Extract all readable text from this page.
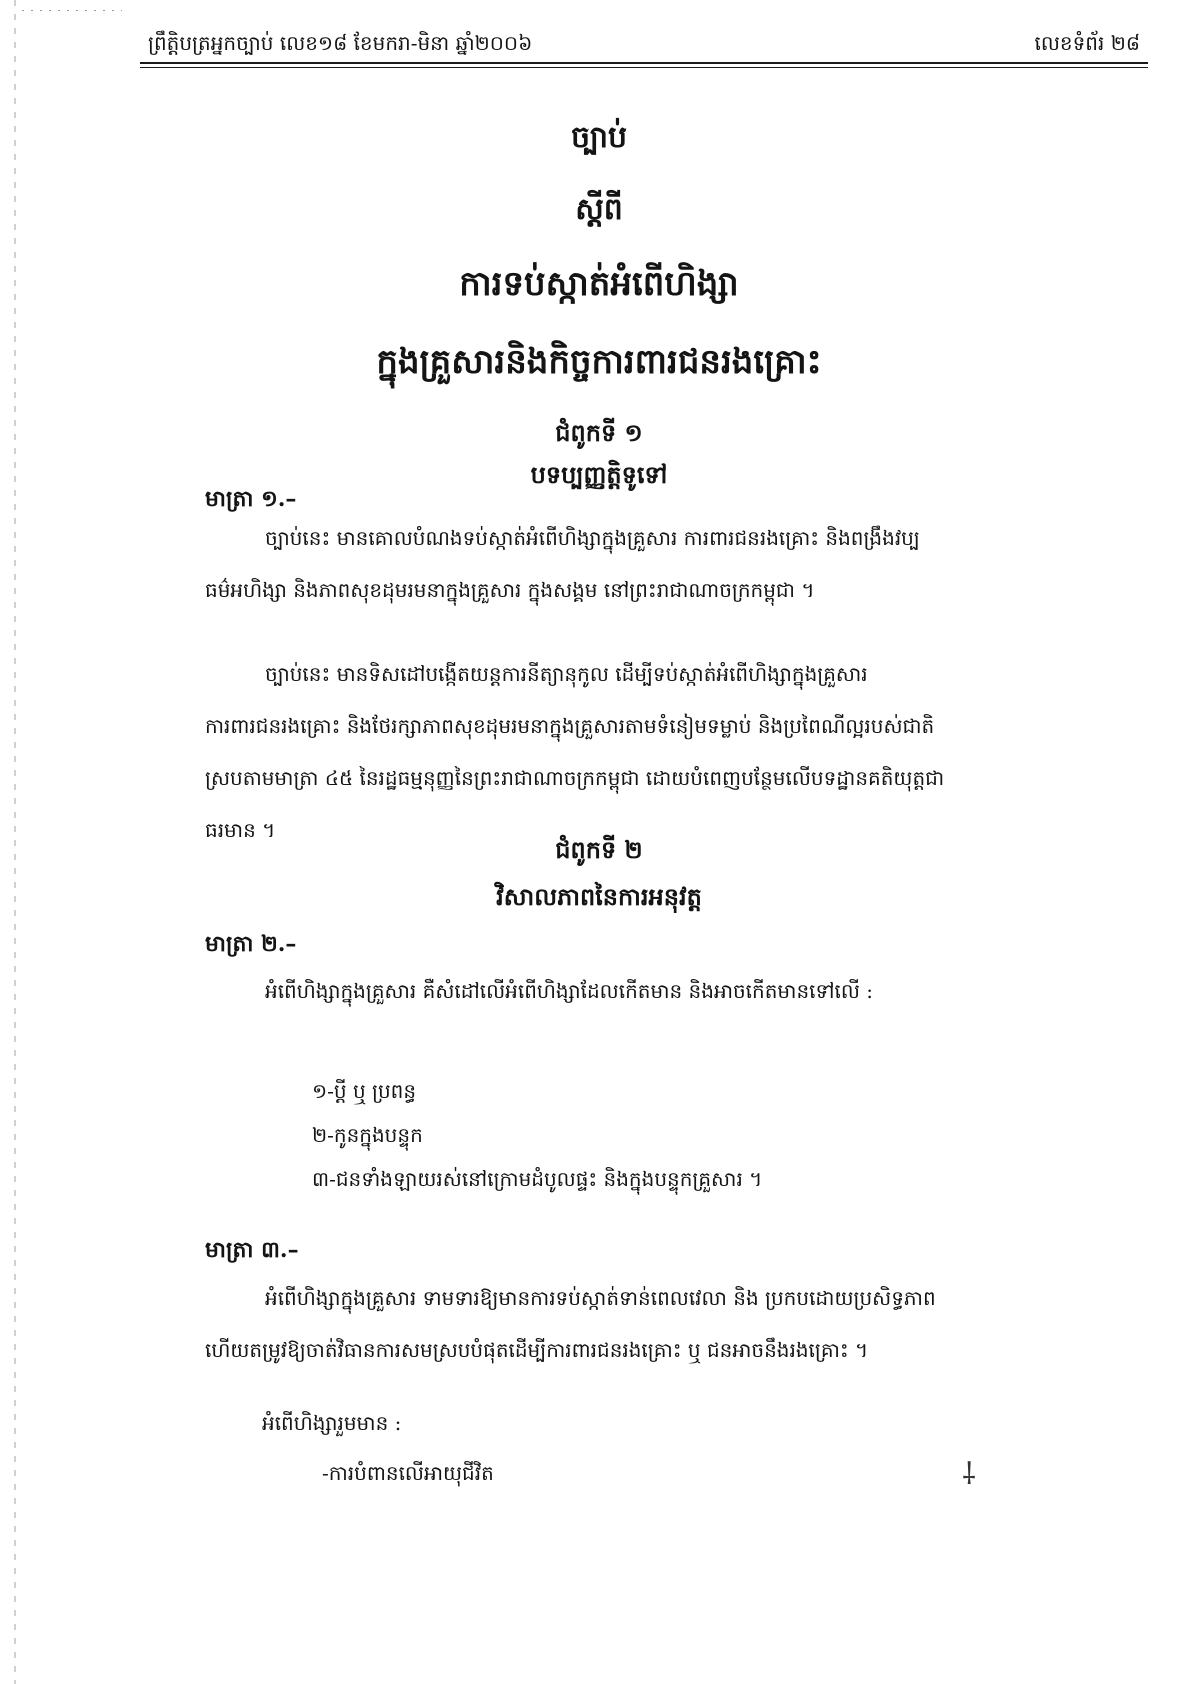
ព្រឹត្តិបត្រអ្នកច្បាប់ លេខ១៨ ខែមករា-មិនា ឆ្នាំ២០០៦	លេខទំព័រ ២៨
ច្បាប់
ស្តីពី
ការទប់ស្កាត់អំពើហិង្សា
ក្នុងគ្រួសារនិងកិច្ចការពារជនរងគ្រោះ
ជំពូកទី ១
បទប្បញ្ញត្តិទូទៅ
មាត្រា ១.–
ច្បាប់នេះ មានគោលបំណងទប់ស្កាត់អំពើហិង្សាក្នុងគ្រួសារ ការពារជនរងគ្រោះ និងពង្រឹងវប្បធម៌អហិង្សា និងភាពសុខដុមរមនាក្នុងគ្រួសារ ក្នុងសង្គម នៅព្រះរាជាណាចក្រកម្ពុជា ។
ច្បាប់នេះ មានទិសដៅបង្កើតយន្តការនីត្យានុកូល ដើម្បីទប់ស្កាត់អំពើហិង្សាក្នុងគ្រួសារ ការពារជនរងគ្រោះ និងថែរក្សាភាពសុខដុមរមនាក្នុងគ្រួសារតាមទំនៀមទម្លាប់ និងប្រពៃណីល្អរបស់ជាតិ ស្របតាមមាត្រា ៤៥ នៃរដ្ឋធម្មនុញ្ញនៃព្រះរាជាណាចក្រកម្ពុជា ដោយបំពេញបន្ថែមលើបទដ្ឋានគតិយុត្តជាធរមាន ។
ជំពូកទី ២
វិសាលភាពនៃការអនុវត្ត
មាត្រា ២.–
អំពើហិង្សាក្នុងគ្រួសារ គឺសំដៅលើអំពើហិង្សាដែលកើតមាន និងអាចកើតមានទៅលើ :
១-ប្តី ឬ ប្រពន្ធ
២-កូនក្នុងបន្ទុក
៣-ជនទាំងឡាយរស់នៅក្រោមដំបូលផ្ទះ និងក្នុងបន្ទុកគ្រួសារ ។
មាត្រា ៣.–
អំពើហិង្សាក្នុងគ្រួសារ ទាមទារឱ្យមានការទប់ស្កាត់ទាន់ពេលវេលា និង ប្រកបដោយប្រសិទ្ធភាព ហើយតម្រូវឱ្យចាត់វិធានការសមស្របបំផុតដើម្បីការពារជនរងគ្រោះ ឬ ជនអាចនឹងរងគ្រោះ ។
អំពើហិង្សារួមមាន :
-ការបំពានលើអាយុជីវិត	⸸
